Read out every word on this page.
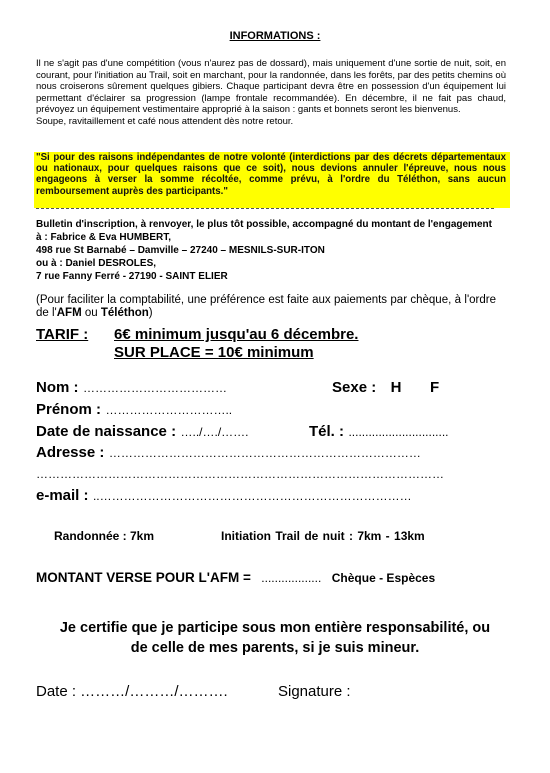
INFORMATIONS :
Il ne s'agit pas d'une compétition (vous n'aurez pas de dossard), mais uniquement d'une sortie de nuit, soit, en courant, pour l'initiation au Trail, soit en marchant, pour la randonnée, dans les forêts, par des petits chemins où nous croiserons sûrement quelques gibiers. Chaque participant devra être en possession d'un équipement lui permettant d'éclairer sa progression (lampe frontale recommandée). En décembre, il ne fait pas chaud, prévoyez un équipement vestimentaire approprié à la saison : gants et bonnets seront les bienvenus.
Soupe, ravitaillement et café nous attendent dès notre retour.
"Si pour des raisons indépendantes de notre volonté (interdictions par des décrets départementaux ou nationaux, pour quelques raisons que ce soit), nous devions annuler l'épreuve, nous nous engageons à verser la somme récoltée, comme prévu, à l'ordre du Téléthon, sans aucun remboursement auprès des participants."
Bulletin d'inscription, à renvoyer, le plus tôt possible, accompagné du montant de l'engagement à : Fabrice & Eva HUMBERT,
498 rue St Barnabé – Damville – 27240 – MESNILS-SUR-ITON
ou à : Daniel DESROLES,
7 rue Fanny Ferré - 27190 - SAINT ELIER
(Pour faciliter la comptabilité, une préférence est faite aux paiements par chèque, à l'ordre de l'AFM ou Téléthon)
TARIF : 6€ minimum jusqu'au 6 décembre.
SUR PLACE = 10€ minimum
Nom : ………………………………	Sexe : H F
Prénom : …………………………..
Date de naissance : …../…./…….	Tél. : ..............................
Adresse : ……………………………………………………………………
…………………………………………………………………………………………
e-mail : ..……………………………………………………………………
Randonnée : 7km	Initiation Trail de nuit : 7km - 13km
MONTANT VERSE POUR L'AFM = .................. Chèque - Espèces
Je certifie que je participe sous mon entière responsabilité, ou
de celle de mes parents, si je suis mineur.
Date : ………/………/……….	Signature :
